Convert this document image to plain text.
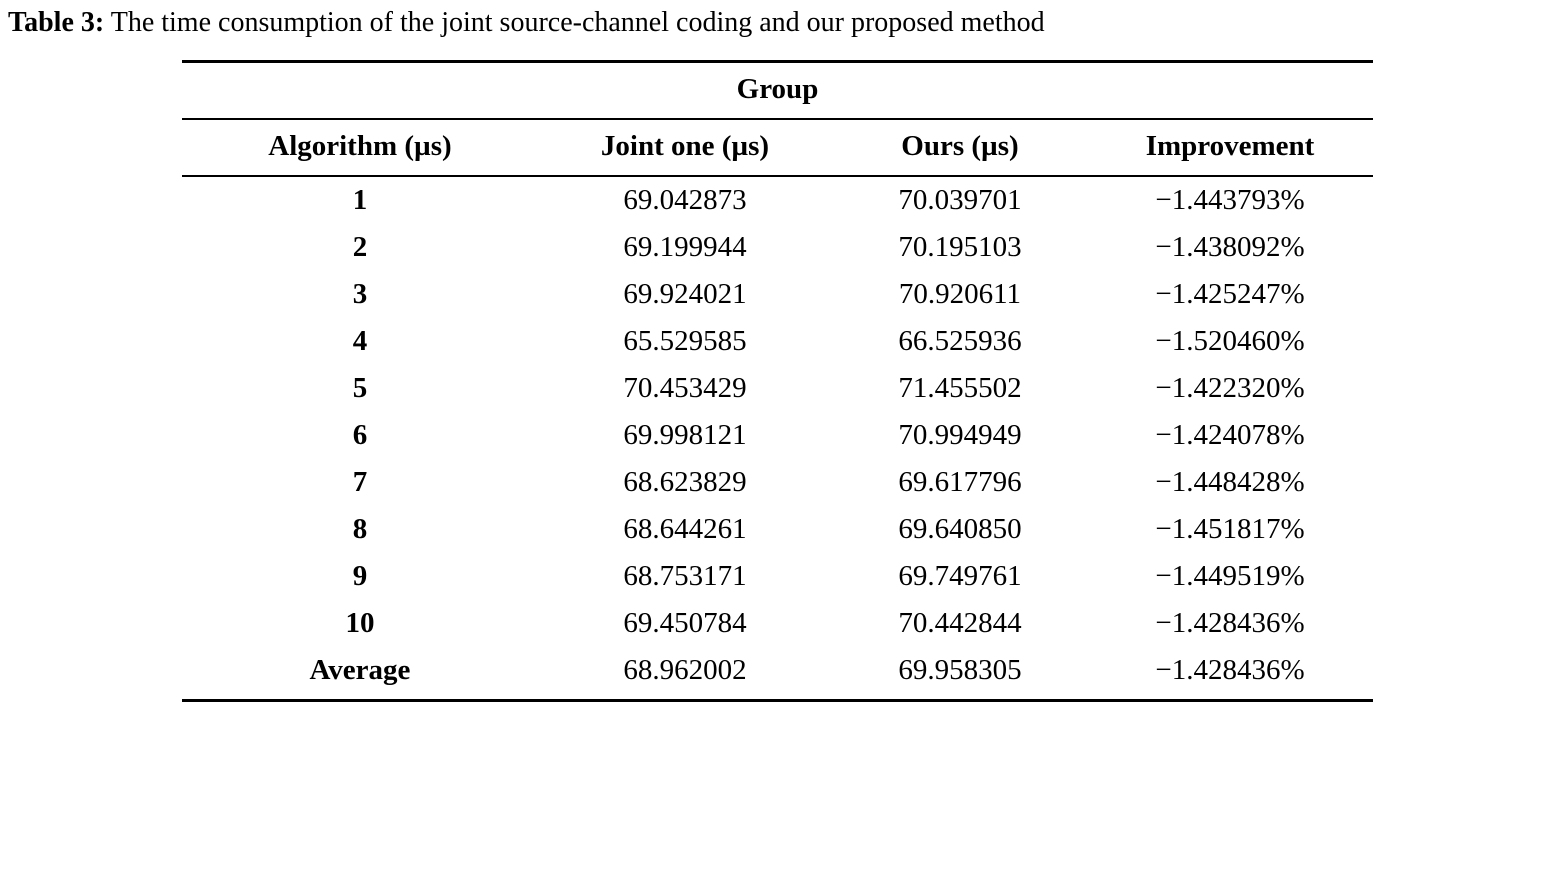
Table 3: The time consumption of the joint source-channel coding and our proposed method
Group			
Algorithm (µs)	Joint one (µs)	Ours (µs)	Improvement
1	69.042873	70.039701	−1.443793%
2	69.199944	70.195103	−1.438092%
3	69.924021	70.920611	−1.425247%
4	65.529585	66.525936	−1.520460%
5	70.453429	71.455502	−1.422320%
6	69.998121	70.994949	−1.424078%
7	68.623829	69.617796	−1.448428%
8	68.644261	69.640850	−1.451817%
9	68.753171	69.749761	−1.449519%
10	69.450784	70.442844	−1.428436%
Average	68.962002	69.958305	−1.428436%
